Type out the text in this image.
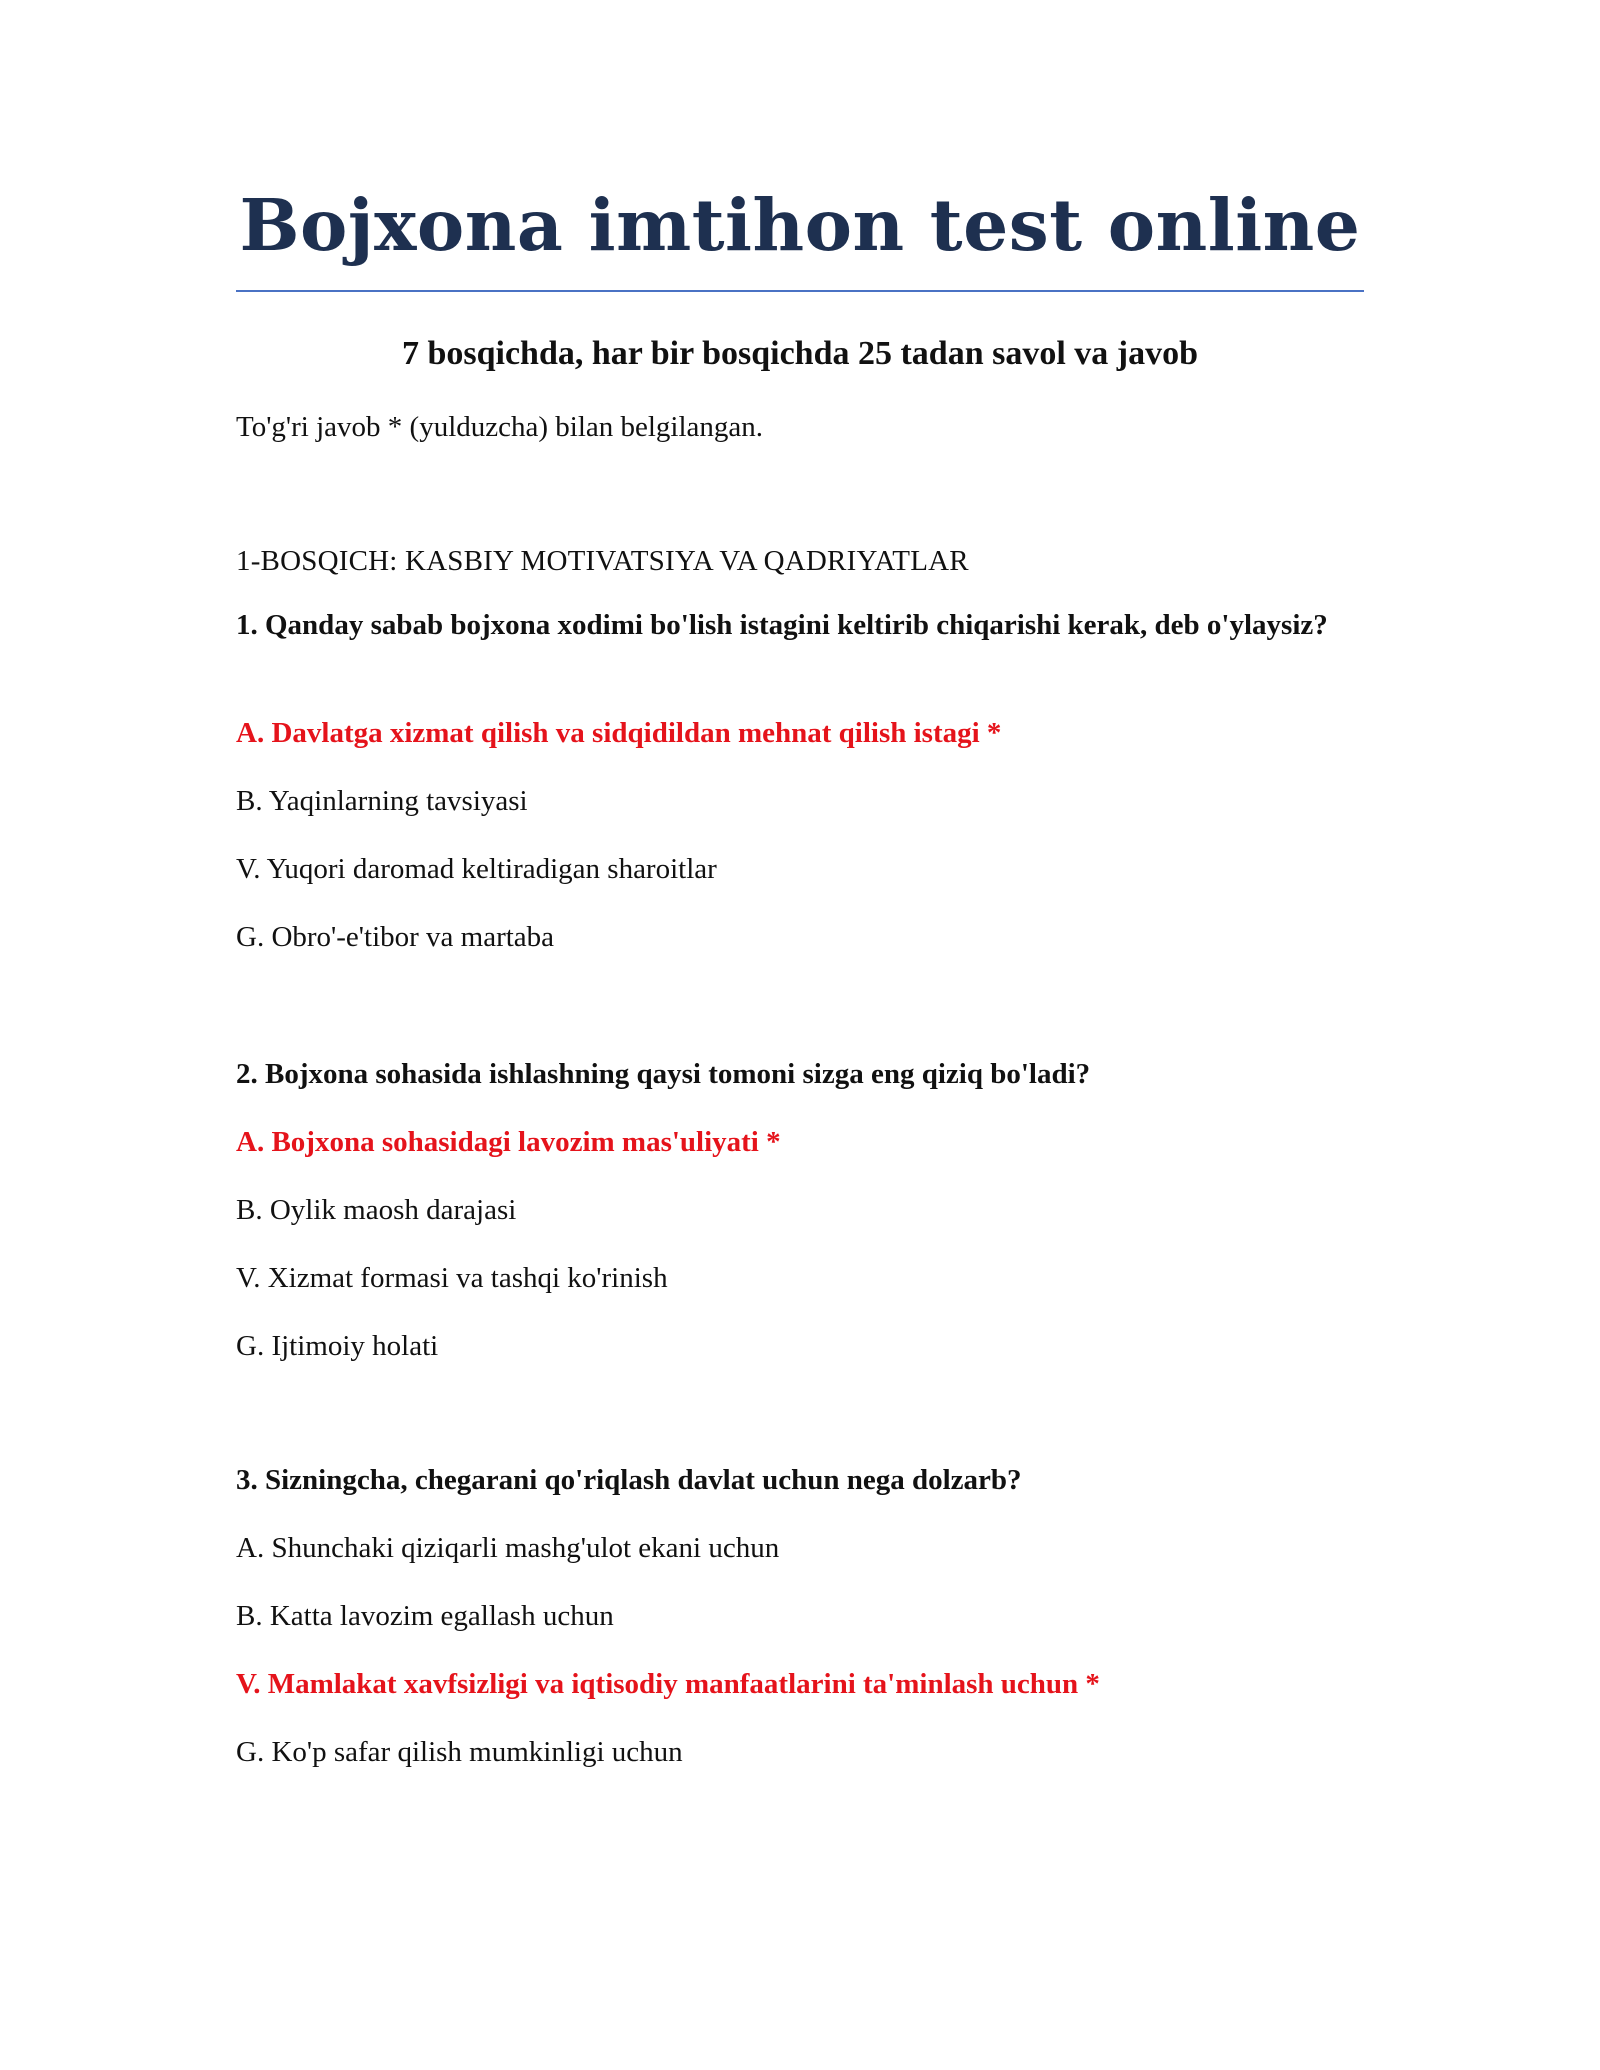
Bojxona imtihon test online
7 bosqichda, har bir bosqichda 25 tadan savol va javob

To'g'ri javob * (yulduzcha) bilan belgilangan.

1-BOSQICH: KASBIY MOTIVATSIYA VA QADRIYATLAR

1. Qanday sabab bojxona xodimi bo'lish istagini keltirib chiqarishi kerak, deb o'ylaysiz?

A. Davlatga xizmat qilish va sidqidildan mehnat qilish istagi *

B. Yaqinlarning tavsiyasi

V. Yuqori daromad keltiradigan sharoitlar

G. Obro'-e'tibor va martaba

2. Bojxona sohasida ishlashning qaysi tomoni sizga eng qiziq bo'ladi?

A. Bojxona sohasidagi lavozim mas'uliyati *

B. Oylik maosh darajasi

V. Xizmat formasi va tashqi ko'rinish

G. Ijtimoiy holati

3. Sizningcha, chegarani qo'riqlash davlat uchun nega dolzarb?

A. Shunchaki qiziqarli mashg'ulot ekani uchun

B. Katta lavozim egallash uchun

V. Mamlakat xavfsizligi va iqtisodiy manfaatlarini ta'minlash uchun *

G. Ko'p safar qilish mumkinligi uchun
